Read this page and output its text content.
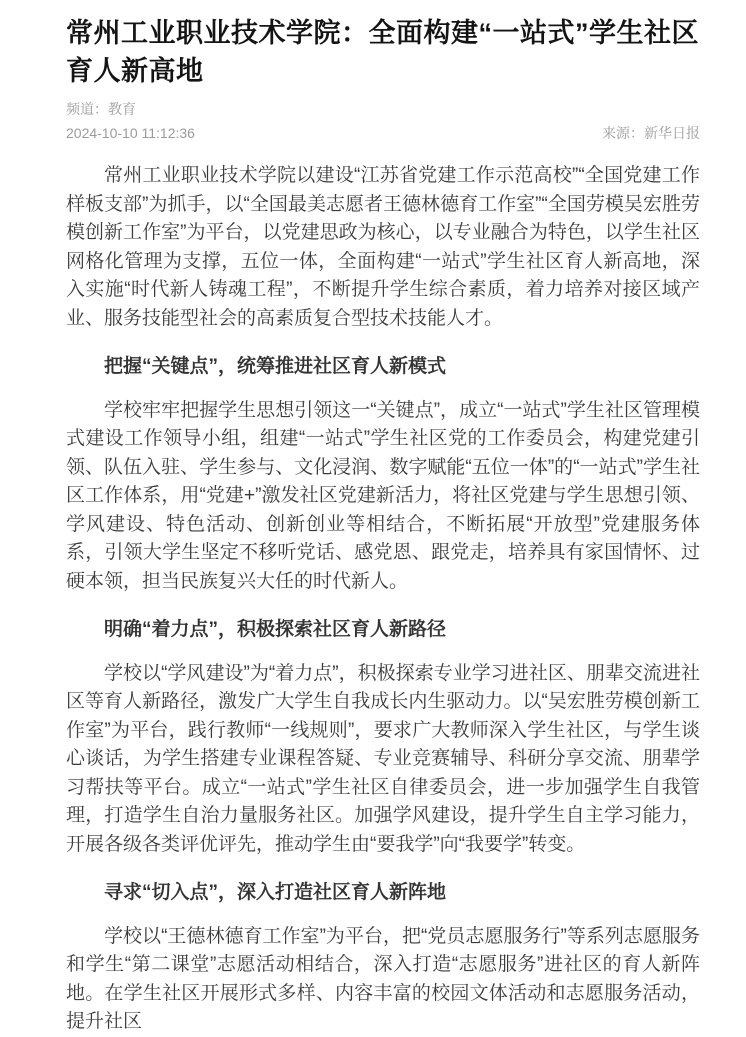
常州工业职业技术学院：全面构建“一站式”学生社区育人新高地
频道：教育
2024-10-10 11:12:36	来源：新华日报

常州工业职业技术学院以建设“江苏省党建工作示范高校”“全国党建工作样板支部”为抓手，以“全国最美志愿者王德林德育工作室”“全国劳模吴宏胜劳模创新工作室”为平台，以党建思政为核心，以专业融合为特色，以学生社区网格化管理为支撑，五位一体，全面构建“一站式”学生社区育人新高地，深入实施“时代新人铸魂工程”，不断提升学生综合素质，着力培养对接区域产业、服务技能型社会的高素质复合型技术技能人才。

把握“关键点”，统筹推进社区育人新模式

学校牢牢把握学生思想引领这一“关键点”，成立“一站式”学生社区管理模式建设工作领导小组，组建“一站式”学生社区党的工作委员会，构建党建引领、队伍入驻、学生参与、文化浸润、数字赋能“五位一体”的“一站式”学生社区工作体系，用“党建+”激发社区党建新活力，将社区党建与学生思想引领、学风建设、特色活动、创新创业等相结合，不断拓展“开放型”党建服务体系，引领大学生坚定不移听党话、感党恩、跟党走，培养具有家国情怀、过硬本领，担当民族复兴大任的时代新人。

明确“着力点”，积极探索社区育人新路径

学校以“学风建设”为“着力点”，积极探索专业学习进社区、朋辈交流进社区等育人新路径，激发广大学生自我成长内生驱动力。以“吴宏胜劳模创新工作室”为平台，践行教师“一线规则”，要求广大教师深入学生社区，与学生谈心谈话，为学生搭建专业课程答疑、专业竞赛辅导、科研分享交流、朋辈学习帮扶等平台。成立“一站式”学生社区自律委员会，进一步加强学生自我管理，打造学生自治力量服务社区。加强学风建设，提升学生自主学习能力，开展各级各类评优评先，推动学生由“要我学”向“我要学”转变。

寻求“切入点”，深入打造社区育人新阵地

学校以“王德林德育工作室”为平台，把“党员志愿服务行”等系列志愿服务和学生“第二课堂”志愿活动相结合，深入打造“志愿服务”进社区的育人新阵地。在学生社区开展形式多样、内容丰富的校园文体活动和志愿服务活动，提升社区
